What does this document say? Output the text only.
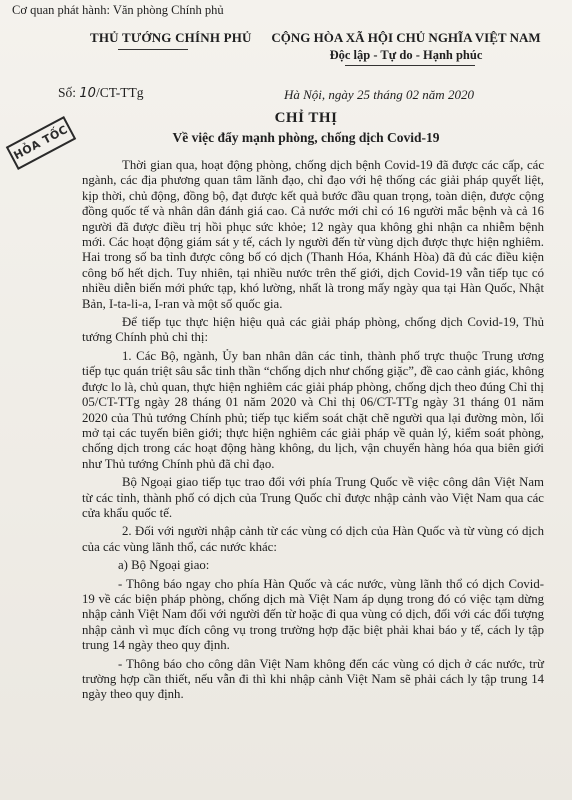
Cơ quan phát hành: Văn phòng Chính phủ
THỦ TƯỚNG CHÍNH PHỦ	CỘNG HÒA XÃ HỘI CHỦ NGHĨA VIỆT NAM
Độc lập - Tự do - Hạnh phúc
Số: 10/CT-TTg	Hà Nội, ngày 25 tháng 02 năm 2020
HỎA TỐC
CHỈ THỊ
Về việc đẩy mạnh phòng, chống dịch Covid-19

Thời gian qua, hoạt động phòng, chống dịch bệnh Covid-19 đã được các cấp, các ngành, các địa phương quan tâm lãnh đạo, chỉ đạo với hệ thống các giải pháp quyết liệt, kịp thời, chủ động, đồng bộ, đạt được kết quả bước đầu quan trọng, toàn diện, được cộng đồng quốc tế và nhân dân đánh giá cao. Cả nước mới chỉ có 16 người mắc bệnh và cả 16 người đã được điều trị hồi phục sức khỏe; 12 ngày qua không ghi nhận ca nhiễm bệnh mới. Các hoạt động giám sát y tế, cách ly người đến từ vùng dịch được thực hiện nghiêm. Hai trong số ba tỉnh được công bố có dịch (Thanh Hóa, Khánh Hòa) đã đủ các điều kiện công bố hết dịch. Tuy nhiên, tại nhiều nước trên thế giới, dịch Covid-19 vẫn tiếp tục có nhiều diễn biến mới phức tạp, khó lường, nhất là trong mấy ngày qua tại Hàn Quốc, Nhật Bản, I-ta-li-a, I-ran và một số quốc gia.

Để tiếp tục thực hiện hiệu quả các giải pháp phòng, chống dịch Covid-19, Thủ tướng Chính phủ chỉ thị:

1. Các Bộ, ngành, Ủy ban nhân dân các tỉnh, thành phố trực thuộc Trung ương tiếp tục quán triệt sâu sắc tinh thần “chống dịch như chống giặc”, đề cao cảnh giác, không được lo là, chủ quan, thực hiện nghiêm các giải pháp phòng, chống dịch theo đúng Chỉ thị 05/CT-TTg ngày 28 tháng 01 năm 2020 và Chỉ thị 06/CT-TTg ngày 31 tháng 01 năm 2020 của Thủ tướng Chính phủ; tiếp tục kiểm soát chặt chẽ người qua lại đường mòn, lối mở tại các tuyến biên giới; thực hiện nghiêm các giải pháp về quản lý, kiểm soát phòng, chống dịch trong các hoạt động hàng không, du lịch, vận chuyển hàng hóa qua biên giới như Thủ tướng Chính phủ đã chỉ đạo.

Bộ Ngoại giao tiếp tục trao đổi với phía Trung Quốc về việc công dân Việt Nam từ các tỉnh, thành phố có dịch của Trung Quốc chỉ được nhập cảnh vào Việt Nam qua các cửa khẩu quốc tế.

2. Đối với người nhập cảnh từ các vùng có dịch của Hàn Quốc và từ vùng có dịch của các vùng lãnh thổ, các nước khác:

a) Bộ Ngoại giao:

- Thông báo ngay cho phía Hàn Quốc và các nước, vùng lãnh thổ có dịch Covid-19 về các biện pháp phòng, chống dịch mà Việt Nam áp dụng trong đó có việc tạm dừng nhập cảnh Việt Nam đối với người đến từ hoặc đi qua vùng có dịch, đối với các đối tượng nhập cảnh vì mục đích công vụ trong trường hợp đặc biệt phải khai báo y tế, cách ly tập trung 14 ngày theo quy định.

- Thông báo cho công dân Việt Nam không đến các vùng có dịch ở các nước, trừ trường hợp cần thiết, nếu vẫn đi thì khi nhập cảnh Việt Nam sẽ phải cách ly tập trung 14 ngày theo quy định.
